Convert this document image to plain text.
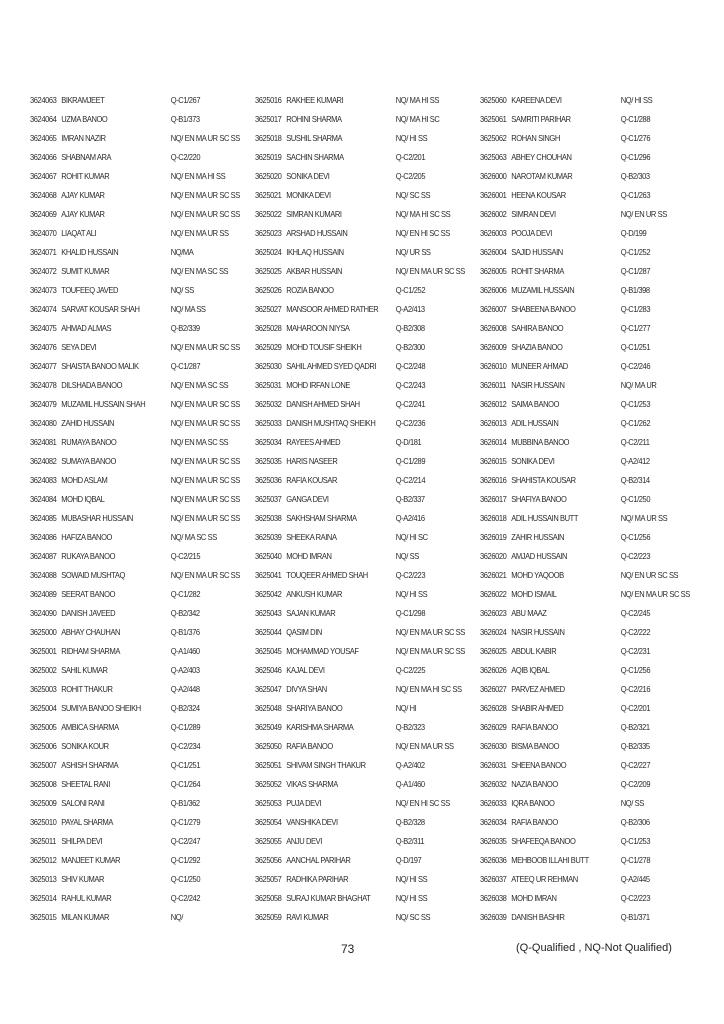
3624063 BIKRAMJEET	Q-C1/267
3624064 UZMA BANOO	Q-B1/373
3624065 IMRAN NAZIR	NQ/ EN MA UR SC SS
3624066 SHABNAM ARA	Q-C2/220
3624067 ROHIT KUMAR	NQ/ EN MA HI SS
3624068 AJAY KUMAR	NQ/ EN MA UR SC SS
3624069 AJAY KUMAR	NQ/ EN MA UR SC SS
3624070 LIAQAT ALI	NQ/ EN MA UR SS
3624071 KHALID HUSSAIN	NQ/MA
3624072 SUMIT KUMAR	NQ/ EN MA SC SS
3624073 TOUFEEQ JAVED	NQ/ SS
3624074 SARVAT KOUSAR SHAH	NQ/ MA SS
3624075 AHMAD ALMAS	Q-B2/339
3624076 SEYA DEVI	NQ/ EN MA UR SC SS
3624077 SHAISTA BANOO MALIK	Q-C1/287
3624078 DILSHADA BANOO	NQ/ EN MA SC SS
3624079 MUZAMIL HUSSAIN SHAH	NQ/ EN MA UR SC SS
3624080 ZAHID HUSSAIN	NQ/ EN MA UR SC SS
3624081 RUMAYA BANOO	NQ/ EN MA SC SS
3624082 SUMAYA BANOO	NQ/ EN MA UR SC SS
3624083 MOHD ASLAM	NQ/ EN MA UR SC SS
3624084 MOHD IQBAL	NQ/ EN MA UR SC SS
3624085 MUBASHAR HUSSAIN	NQ/ EN MA UR SC SS
3624086 HAFIZA BANOO	NQ/ MA SC SS
3624087 RUKAYA BANOO	Q-C2/215
3624088 SOWAID MUSHTAQ	NQ/ EN MA UR SC SS
3624089 SEERAT BANOO	Q-C1/282
3624090 DANISH JAVEED	Q-B2/342
3625000 ABHAY CHAUHAN	Q-B1/376
3625001 RIDHAM SHARMA	Q-A1/460
3625002 SAHIL KUMAR	Q-A2/403
3625003 ROHIT THAKUR	Q-A2/448
3625004 SUMIYA BANOO SHEIKH	Q-B2/324
3625005 AMBICA SHARMA	Q-C1/289
3625006 SONIKA KOUR	Q-C2/234
3625007 ASHISH SHARMA	Q-C1/251
3625008 SHEETAL RANI	Q-C1/264
3625009 SALONI RANI	Q-B1/362
3625010 PAYAL SHARMA	Q-C1/279
3625011 SHILPA DEVI	Q-C2/247
3625012 MANJEET KUMAR	Q-C1/292
3625013 SHIV KUMAR	Q-C1/250
3625014 RAHUL KUMAR	Q-C2/242
3625015 MILAN KUMAR	NQ/
3625016 RAKHEE KUMARI	NQ/ MA HI SS
3625017 ROHINI SHARMA	NQ/ MA HI SC
3625018 SUSHIL SHARMA	NQ/ HI SS
3625019 SACHIN SHARMA	Q-C2/201
3625020 SONIKA DEVI	Q-C2/205
3625021 MONIKA DEVI	NQ/ SC SS
3625022 SIMRAN KUMARI	NQ/ MA HI SC SS
3625023 ARSHAD HUSSAIN	NQ/ EN HI SC SS
3625024 IKHLAQ HUSSAIN	NQ/ UR SS
3625025 AKBAR HUSSAIN	NQ/ EN MA UR SC SS
3625026 ROZIA BANOO	Q-C1/252
3625027 MANSOOR AHMED RATHER Q-A2/413
3625028 MAHAROON NIYSA	Q-B2/308
3625029 MOHD TOUSIF SHEIKH	Q-B2/300
3625030 SAHIL AHMED SYED QADRI Q-C2/248
3625031 MOHD IRFAN LONE	Q-C2/243
3625032 DANISH AHMED SHAH	Q-C2/241
3625033 DANISH MUSHTAQ SHEIKH Q-C2/236
3625034 RAYEES AHMED	Q-D/181
3625035 HARIS NASEER	Q-C1/289
3625036 RAFIA KOUSAR	Q-C2/214
3625037 GANGA DEVI	Q-B2/337
3625038 SAKHSHAM SHARMA	Q-A2/416
3625039 SHEEKA RAINA	NQ/ HI SC
3625040 MOHD IMRAN	NQ/ SS
3625041 TOUQEER AHMED SHAH	Q-C2/223
3625042 ANKUSH KUMAR	NQ/ HI SS
3625043 SAJAN KUMAR	Q-C1/298
3625044 QASIM DIN	NQ/ EN MA UR SC SS
3625045 MOHAMMAD YOUSAF	NQ/ EN MA UR SC SS
3625046 KAJAL DEVI	Q-C2/225
3625047 DIVYA SHAN	NQ/ EN MA HI SC SS
3625048 SHARIYA BANOO	NQ/ HI
3625049 KARISHMA SHARMA	Q-B2/323
3625050 RAFIA BANOO	NQ/ EN MA UR SS
3625051 SHIVAM SINGH THAKUR	Q-A2/402
3625052 VIKAS SHARMA	Q-A1/460
3625053 PUJA DEVI	NQ/ EN HI SC SS
3625054 VANSHIKA DEVI	Q-B2/328
3625055 ANJU DEVI	Q-B2/311
3625056 AANCHAL PARIHAR	Q-D/197
3625057 RADHIKA PARIHAR	NQ/ HI SS
3625058 SURAJ KUMAR BHAGHAT	NQ/ HI SS
3625059 RAVI KUMAR	NQ/ SC SS
3625060 KAREENA DEVI	NQ/ HI SS
3625061 SAMRITI PARIHAR	Q-C1/288
3625062 ROHAN SINGH	Q-C1/276
3625063 ABHEY CHOUHAN	Q-C1/296
3626000 NAROTAM KUMAR	Q-B2/303
3626001 HEENA KOUSAR	Q-C1/263
3626002 SIMRAN DEVI	NQ/ EN UR SS
3626003 POOJA DEVI	Q-D/199
3626004 SAJID HUSSAIN	Q-C1/252
3626005 ROHIT SHARMA	Q-C1/287
3626006 MUZAMIL HUSSAIN	Q-B1/398
3626007 SHABEENA BANOO	Q-C1/283
3626008 SAHIRA BANOO	Q-C1/277
3626009 SHAZIA BANOO	Q-C1/251
3626010 MUNEER AHMAD	Q-C2/246
3626011 NASIR HUSSAIN	NQ/ MA UR
3626012 SAIMA BANOO	Q-C1/253
3626013 ADIL HUSSAIN	Q-C1/262
3626014 MUBBINA BANOO	Q-C2/211
3626015 SONIKA DEVI	Q-A2/412
3626016 SHAHISTA KOUSAR	Q-B2/314
3626017 SHAFIYA BANOO	Q-C1/250
3626018 ADIL HUSSAIN BUTT	NQ/ MA UR SS
3626019 ZAHIR HUSSAIN	Q-C1/256
3626020 AMJAD HUSSAIN	Q-C2/223
3626021 MOHD YAQOOB	NQ/ EN UR SC SS
3626022 MOHD ISMAIL	NQ/ EN MA UR SC SS
3626023 ABU MAAZ	Q-C2/245
3626024 NASIR HUSSAIN	Q-C2/222
3626025 ABDUL KABIR	Q-C2/231
3626026 AQIB IQBAL	Q-C1/256
3626027 PARVEZ AHMED	Q-C2/216
3626028 SHABIR AHMED	Q-C2/201
3626029 RAFIA BANOO	Q-B2/321
3626030 BISMA BANOO	Q-B2/335
3626031 SHEENA BANOO	Q-C2/227
3626032 NAZIA BANOO	Q-C2/209
3626033 IQRA BANOO	NQ/ SS
3626034 RAFIA BANOO	Q-B2/306
3626035 SHAFEEQA BANOO	Q-C1/253
3626036 MEHBOOB ILLAHI BUTT	Q-C1/278
3626037 ATEEQ UR REHMAN	Q-A2/445
3626038 MOHD IMRAN	Q-C2/223
3626039 DANISH BASHIR	Q-B1/371
73	(Q-Qualified , NQ-Not Qualified)
